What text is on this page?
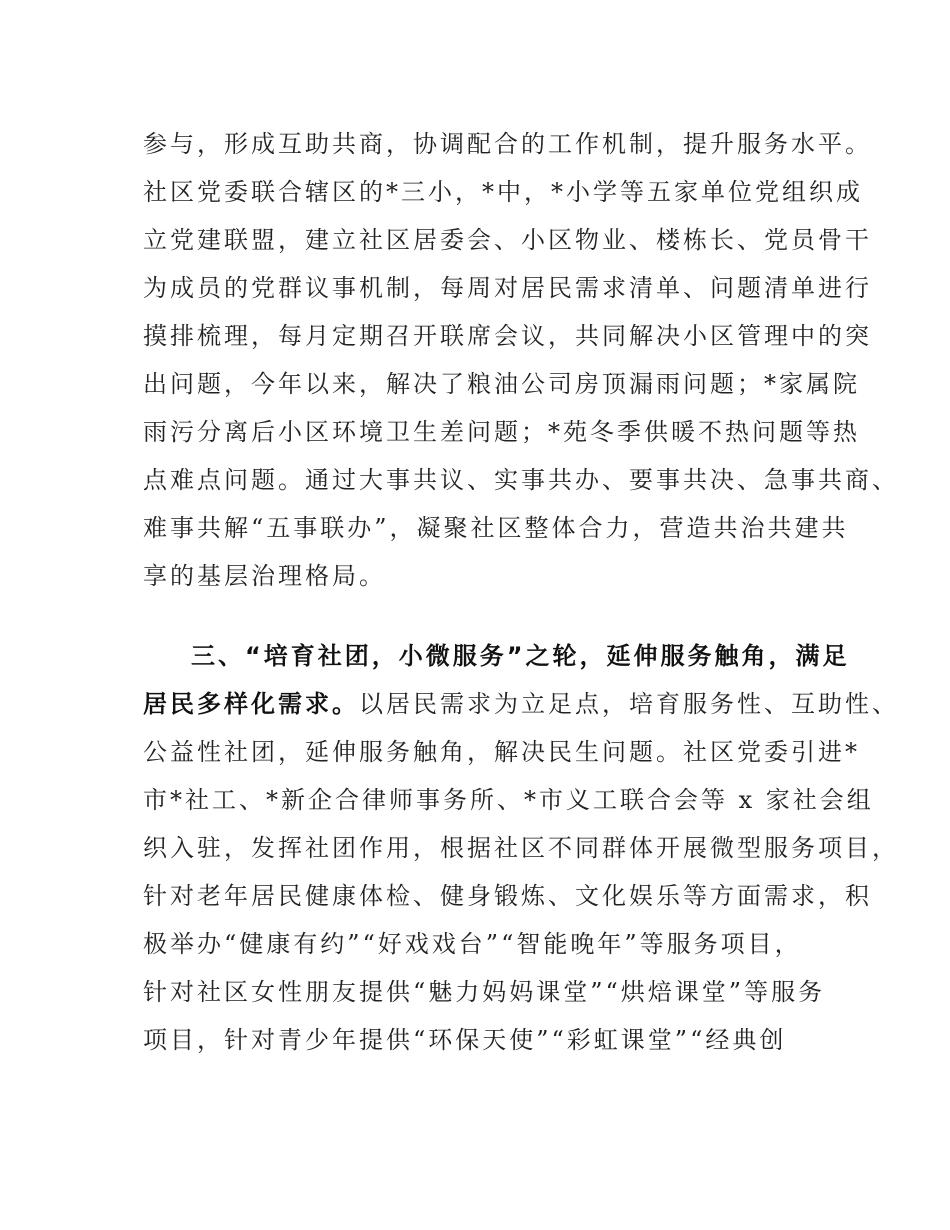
参与，形成互助共商，协调配合的工作机制，提升服务水平。
社区党委联合辖区的*三小，*中，*小学等五家单位党组织成
立党建联盟，建立社区居委会、小区物业、楼栋长、党员骨干
为成员的党群议事机制，每周对居民需求清单、问题清单进行
摸排梳理，每月定期召开联席会议，共同解决小区管理中的突
出问题，今年以来，解决了粮油公司房顶漏雨问题；*家属院
雨污分离后小区环境卫生差问题；*苑冬季供暖不热问题等热
点难点问题。通过大事共议、实事共办、要事共决、急事共商、
难事共解“五事联办”，凝聚社区整体合力，营造共治共建共
享的基层治理格局。
三、“培育社团，小微服务”之轮，延伸服务触角，满足
居民多样化需求。以居民需求为立足点，培育服务性、互助性、
公益性社团，延伸服务触角，解决民生问题。社区党委引进*
市*社工、*新企合律师事务所、*市义工联合会等 x 家社会组
织入驻，发挥社团作用，根据社区不同群体开展微型服务项目，
针对老年居民健康体检、健身锻炼、文化娱乐等方面需求，积
极举办“健康有约”“好戏戏台”“智能晚年”等服务项目，
针对社区女性朋友提供“魅力妈妈课堂”“烘焙课堂”等服务
项目，针对青少年提供“环保天使”“彩虹课堂”“经典创
